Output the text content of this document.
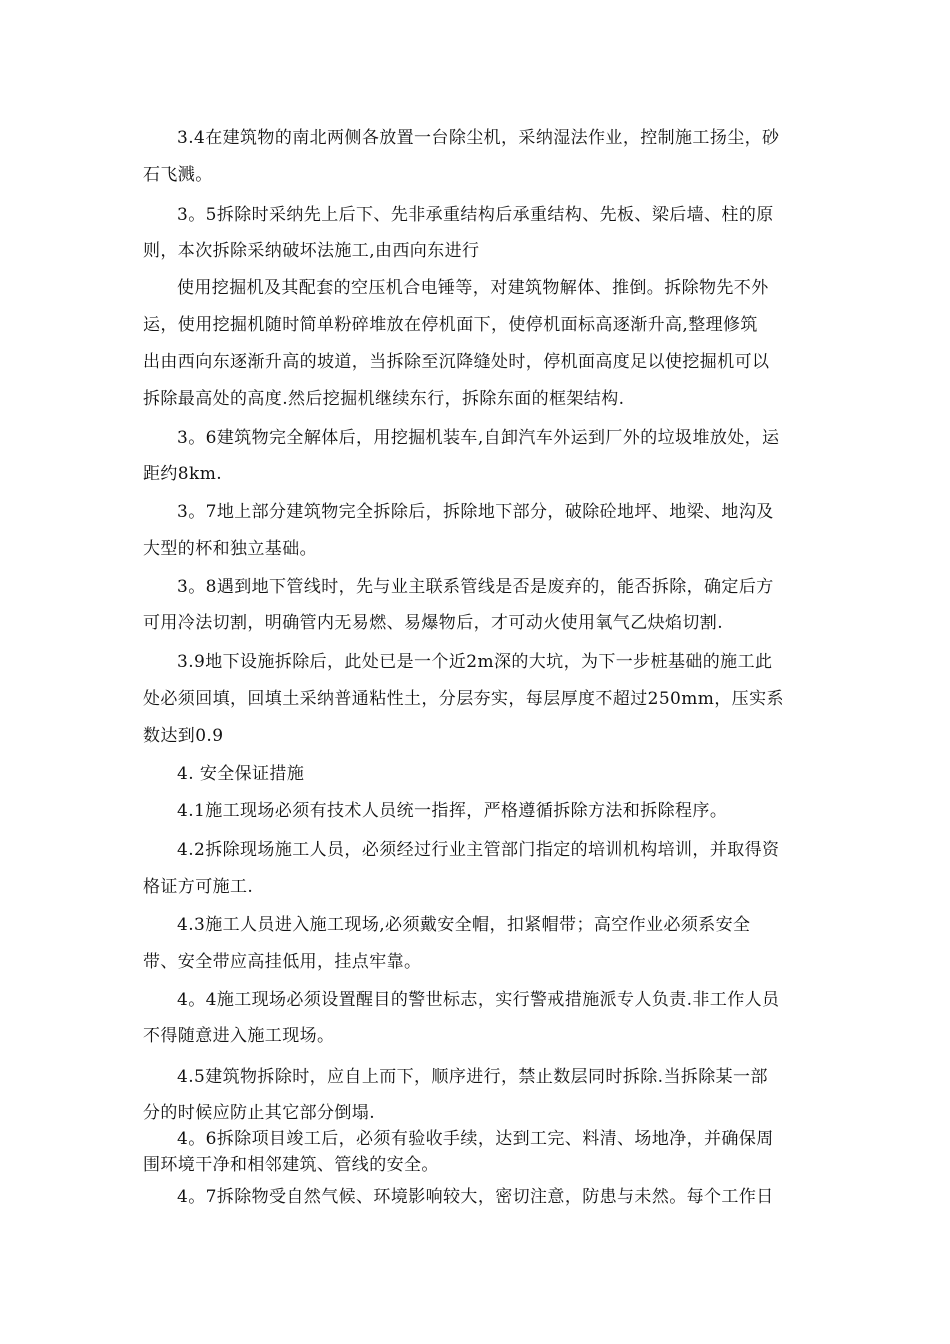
3.4在建筑物的南北两侧各放置一台除尘机，采纳湿法作业，控制施工扬尘，砂
石飞溅。
3。5拆除时采纳先上后下、先非承重结构后承重结构、先板、梁后墙、柱的原
则，本次拆除采纳破坏法施工,由西向东进行
使用挖掘机及其配套的空压机合电锤等，对建筑物解体、推倒。拆除物先不外
运，使用挖掘机随时简单粉碎堆放在停机面下，使停机面标高逐渐升高,整理修筑
出由西向东逐渐升高的坡道，当拆除至沉降缝处时，停机面高度足以使挖掘机可以
拆除最高处的高度.然后挖掘机继续东行，拆除东面的框架结构.
3。6建筑物完全解体后，用挖掘机装车,自卸汽车外运到厂外的垃圾堆放处，运
距约8km.
3。7地上部分建筑物完全拆除后，拆除地下部分，破除砼地坪、地梁、地沟及
大型的杯和独立基础。
3。8遇到地下管线时，先与业主联系管线是否是废弃的，能否拆除，确定后方
可用冷法切割，明确管内无易燃、易爆物后，才可动火使用氧气乙炔焰切割.
3.9地下设施拆除后，此处已是一个近2m深的大坑，为下一步桩基础的施工此
处必须回填，回填土采纳普通粘性土，分层夯实，每层厚度不超过250mm，压实系
数达到0.9
4. 安全保证措施
4.1施工现场必须有技术人员统一指挥，严格遵循拆除方法和拆除程序。
4.2拆除现场施工人员，必须经过行业主管部门指定的培训机构培训，并取得资
格证方可施工.
4.3施工人员进入施工现场,必须戴安全帽，扣紧帽带；高空作业必须系安全
带、安全带应高挂低用，挂点牢靠。
4。4施工现场必须设置醒目的警世标志，实行警戒措施派专人负责.非工作人员
不得随意进入施工现场。
4.5建筑物拆除时，应自上而下，顺序进行，禁止数层同时拆除.当拆除某一部
分的时候应防止其它部分倒塌.
4。6拆除项目竣工后，必须有验收手续，达到工完、料清、场地净，并确保周
围环境干净和相邻建筑、管线的安全。
4。7拆除物受自然气候、环境影响较大，密切注意，防患与未然。每个工作日
